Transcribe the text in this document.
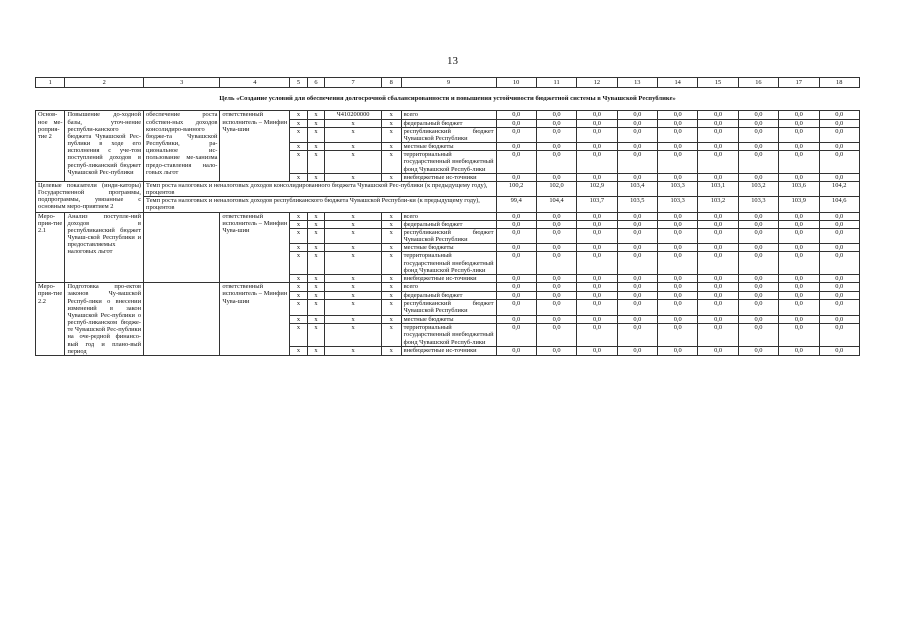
13
1	2	3	4	5	6	7	8	9	10	11	12	13	14	15	16	17	18
Цель «Создание условий для обеспечения долгосрочной сбалансированности и повышения устойчивости бюджетной системы в Чувашской Республике»																	
Основ-ное ме-роприя-тие 2	Повышение до-ходной базы, уточ-нение республи-канского бюджета Чувашской Рес-публики в ходе его исполнения с уче-том поступлений доходов в респуб-ликанский бюджет Чувашской Рес-публики	обеспечение роста собствен-ных доходов консолидиро-ванного бюдже-та Чувашской Республики, ра-циональное ис-пользование ме-ханизма предо-ставления нало-говых льгот	ответственный исполнитель – Минфин Чува-шии	x	x	Ч410200000	x	всего	0,0	0,0	0,0	0,0	0,0	0,0	0,0	0,0	0,0
				x	x	x	x	федеральный бюджет	0,0	0,0	0,0	0,0	0,0	0,0	0,0	0,0	0,0
				x	x	x	x	республиканский бюджет Чувашской Республики	0,0	0,0	0,0	0,0	0,0	0,0	0,0	0,0	0,0
				x	x	x	x	местные бюджеты	0,0	0,0	0,0	0,0	0,0	0,0	0,0	0,0	0,0
				x	x	x	x	территориальный государственный внебюджетный фонд Чувашской Респуб-лики	0,0	0,0	0,0	0,0	0,0	0,0	0,0	0,0	0,0
				x	x	x	x	внебюджетные ис-точники	0,0	0,0	0,0	0,0	0,0	0,0	0,0	0,0	0,0
Целевые показатели (инди-каторы) Государственной программы, подпрограммы, увязанные с основным меро-приятием 2		Темп роста налоговых и неналоговых доходов консолидированного бюджета Чувашской Рес-публики (к предыдущему году), процентов							100,2	102,0	102,9	103,4	103,3	103,1	103,2	103,6	104,2
		Темп роста налоговых и неналоговых доходов республиканского бюджета Чувашской Республи-ки (к предыдущему году), процентов							99,4	104,4	103,7	103,5	103,3	103,2	103,3	103,9	104,6
Меро-прия-тие 2.1	Анализ поступле-ний доходов в республиканский бюджет Чуваш-ской Республики и предоставляемых налоговых льгот		ответственный исполнитель – Минфин Чува-шии	x	x	x	x	всего	0,0	0,0	0,0	0,0	0,0	0,0	0,0	0,0	0,0
				x	x	x	x	федеральный бюджет	0,0	0,0	0,0	0,0	0,0	0,0	0,0	0,0	0,0
				x	x	x	x	республиканский бюджет Чувашской Республики	0,0	0,0	0,0	0,0	0,0	0,0	0,0	0,0	0,0
				x	x	x	x	местные бюджеты	0,0	0,0	0,0	0,0	0,0	0,0	0,0	0,0	0,0
				x	x	x	x	территориальный государственный внебюджетный фонд Чувашской Респуб-лики	0,0	0,0	0,0	0,0	0,0	0,0	0,0	0,0	0,0
				x	x	x	x	внебюджетные ис-точники	0,0	0,0	0,0	0,0	0,0	0,0	0,0	0,0	0,0
Меро-прия-тие 2.2	Подготовка про-ектов законов Чу-вашской Респуб-лики о внесении изменений в закон Чувашской Рес-публики о респуб-ликанском бюдже-те Чувашской Рес-публики на оче-редной финансо-вый год и плано-вый период		ответственный исполнитель – Минфин Чува-шии	x	x	x	x	всего	0,0	0,0	0,0	0,0	0,0	0,0	0,0	0,0	0,0
				x	x	x	x	федеральный бюджет	0,0	0,0	0,0	0,0	0,0	0,0	0,0	0,0	0,0
				x	x	x	x	республиканский бюджет Чувашской Республики	0,0	0,0	0,0	0,0	0,0	0,0	0,0	0,0	0,0
				x	x	x	x	местные бюджеты	0,0	0,0	0,0	0,0	0,0	0,0	0,0	0,0	0,0
				x	x	x	x	территориальный государственный внебюджетный фонд Чувашской Респуб-лики	0,0	0,0	0,0	0,0	0,0	0,0	0,0	0,0	0,0
				x	x	x	x	внебюджетные ис-точники	0,0	0,0	0,0	0,0	0,0	0,0	0,0	0,0	0,0
